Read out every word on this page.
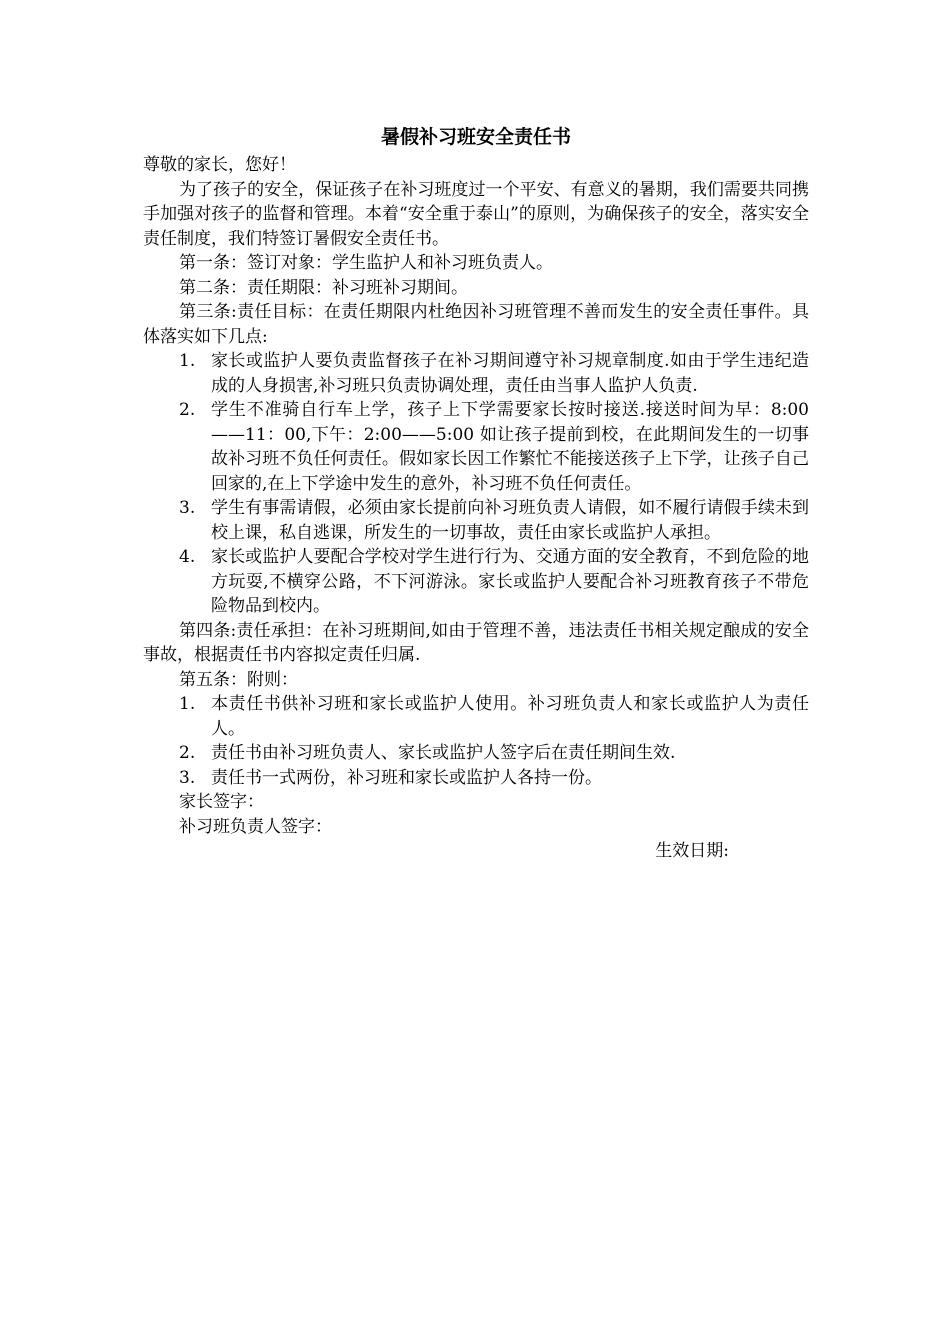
暑假补习班安全责任书

尊敬的家长，您好！

为了孩子的安全，保证孩子在补习班度过一个平安、有意义的暑期，我们需要共同携手加强对孩子的监督和管理。本着“安全重于泰山”的原则，为确保孩子的安全，落实安全责任制度，我们特签订暑假安全责任书。

第一条：签订对象：学生监护人和补习班负责人。

第二条：责任期限：补习班补习期间。

第三条:责任目标：在责任期限内杜绝因补习班管理不善而发生的安全责任事件。具体落实如下几点:

1. 家长或监护人要负责监督孩子在补习期间遵守补习规章制度.如由于学生违纪造成的人身损害,补习班只负责协调处理，责任由当事人监护人负责.
2. 学生不准骑自行车上学，孩子上下学需要家长按时接送.接送时间为早：8:00——11：00,下午：2:00——5:00 如让孩子提前到校，在此期间发生的一切事故补习班不负任何责任。假如家长因工作繁忙不能接送孩子上下学，让孩子自己回家的,在上下学途中发生的意外，补习班不负任何责任。
3. 学生有事需请假，必须由家长提前向补习班负责人请假，如不履行请假手续未到校上课，私自逃课，所发生的一切事故，责任由家长或监护人承担。
4. 家长或监护人要配合学校对学生进行行为、交通方面的安全教育，不到危险的地方玩耍,不横穿公路，不下河游泳。家长或监护人要配合补习班教育孩子不带危险物品到校内。

第四条:责任承担：在补习班期间,如由于管理不善，违法责任书相关规定酿成的安全事故，根据责任书内容拟定责任归属.

第五条：附则：

1. 本责任书供补习班和家长或监护人使用。补习班负责人和家长或监护人为责任人。
2. 责任书由补习班负责人、家长或监护人签字后在责任期间生效.
3. 责任书一式两份，补习班和家长或监护人各持一份。

家长签字：

补习班负责人签字：

生效日期:
